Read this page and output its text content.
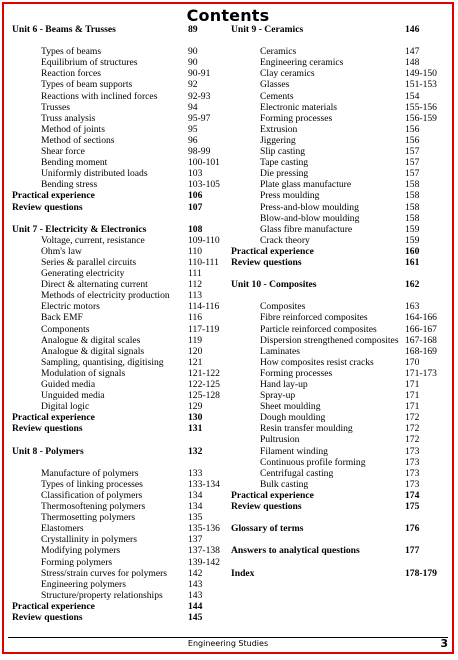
Contents
Unit 6 - Beams & Trusses	89
Types of beams	90
Equilibrium of structures	90
Reaction forces	90-91
Types of beam supports	92
Reactions with inclined forces	92-93
Trusses	94
Truss analysis	95-97
Method of joints	95
Method of sections	96
Shear force	98-99
Bending moment	100-101
Uniformly distributed loads	103
Bending stress	103-105
Practical experience	106
Review questions	107
Unit 7 - Electricity & Electronics	108
Voltage, current, resistance	109-110
Ohm's law	110
Series & parallel circuits	110-111
Generating electricity	111
Direct & alternating current	112
Methods of electricity production 113
Electric motors	114-116
Back EMF	116
Components	117-119
Analogue & digital scales	119
Analogue & digital signals	120
Sampling, quantising, digitising	121
Modulation of signals	121-122
Guided media	122-125
Unguided media	125-128
Digital logic	129
Practical experience	130
Review questions	131
Unit 8 - Polymers	132
Manufacture of polymers	133
Types of linking processes	133-134
Classification of polymers	134
Thermosoftening polymers	134
Thermosetting polymers	135
Elastomers	135-136
Crystallinity in polymers	137
Modifying polymers	137-138
Forming polymers	139-142
Stress/strain curves for polymers 142
Engineering polymers	143
Structure/property relationships	143
Practical experience	144
Review questions	145
Unit 9 - Ceramics	146
Ceramics	147
Engineering ceramics	148
Clay ceramics	149-150
Glasses	151-153
Cements	154
Electronic materials	155-156
Forming processes	156-159
Extrusion	156
Jiggering	156
Slip casting	157
Tape casting	157
Die pressing	157
Plate glass manufacture	158
Press moulding	158
Press-and-blow moulding	158
Blow-and-blow moulding	158
Glass fibre manufacture	159
Crack theory	159
Practical experience	160
Review questions	161
Unit 10 - Composites	162
Composites	163
Fibre reinforced composites	164-166
Particle reinforced composites	166-167
Dispersion strengthened composites 167-168
Laminates	168-169
How composites resist cracks	170
Forming processes	171-173
Hand lay-up	171
Spray-up	171
Sheet moulding	171
Dough moulding	172
Resin transfer moulding	172
Pultrusion	172
Filament winding	173
Continuous profile forming	173
Centrifugal casting	173
Bulk casting	173
Practical experience	174
Review questions	175
Glossary of terms	176
Answers to analytical questions	177
Index	178-179
Engineering Studies	3
